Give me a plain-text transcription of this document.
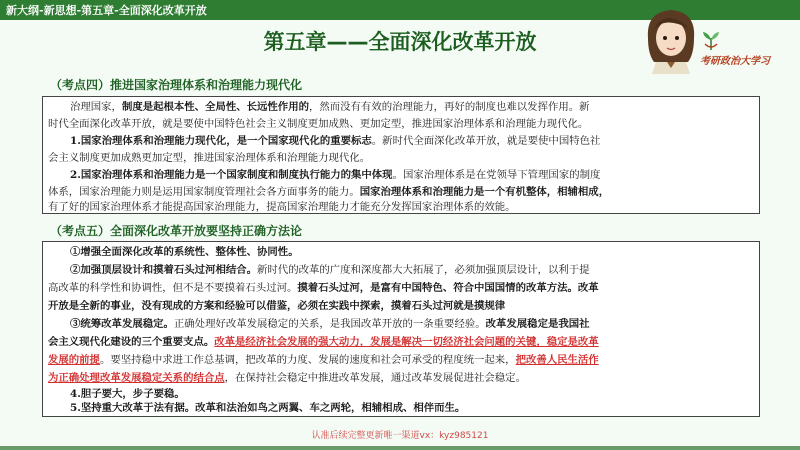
新大纲-新思想-第五章-全面深化改革开放
第五章——全面深化改革开放
考研政治大学习
（考点四）推进国家治理体系和治理能力现代化
治理国家，制度是起根本性、全局性、长远性作用的，然而没有有效的治理能力，再好的制度也难以发挥作用。新
时代全面深化改革开放，就是要使中国特色社会主义制度更加成熟、更加定型，推进国家治理体系和治理能力现代化。
1.国家治理体系和治理能力现代化，是一个国家现代化的重要标志。新时代全面深化改革开放，就是要使中国特色社
会主义制度更加成熟更加定型，推进国家治理体系和治理能力现代化。
2.国家治理体系和治理能力是一个国家制度和制度执行能力的集中体现。国家治理体系是在党领导下管理国家的制度
体系，国家治理能力则是运用国家制度管理社会各方面事务的能力。国家治理体系和治理能力是一个有机整体，相辅相成，
有了好的国家治理体系才能提高国家治理能力，提高国家治理能力才能充分发挥国家治理体系的效能。
（考点五）全面深化改革开放要坚持正确方法论
①增强全面深化改革的系统性、整体性、协同性。
②加强顶层设计和摸着石头过河相结合。新时代的改革的广度和深度都大大拓展了，必须加强顶层设计，以利于提
高改革的科学性和协调性，但不是不要摸着石头过河。摸着石头过河，是富有中国特色、符合中国国情的改革方法。改革
开放是全新的事业，没有现成的方案和经验可以借鉴，必须在实践中探索，摸着石头过河就是摸规律
③统筹改革发展稳定。正确处理好改革发展稳定的关系，是我国改革开放的一条重要经验。改革发展稳定是我国社
会主义现代化建设的三个重要支点。改革是经济社会发展的强大动力，发展是解决一切经济社会问题的关键，稳定是改革
发展的前提。要坚持稳中求进工作总基调，把改革的力度、发展的速度和社会可承受的程度统一起来，把改善人民生活作
为正确处理改革发展稳定关系的结合点，在保持社会稳定中推进改革发展，通过改革发展促进社会稳定。
4.胆子要大，步子要稳。
5.坚持重大改革于法有据。改革和法治如鸟之两翼、车之两轮，相辅相成、相伴而生。
认准后续完整更新唯一渠道vx：kyz985121
